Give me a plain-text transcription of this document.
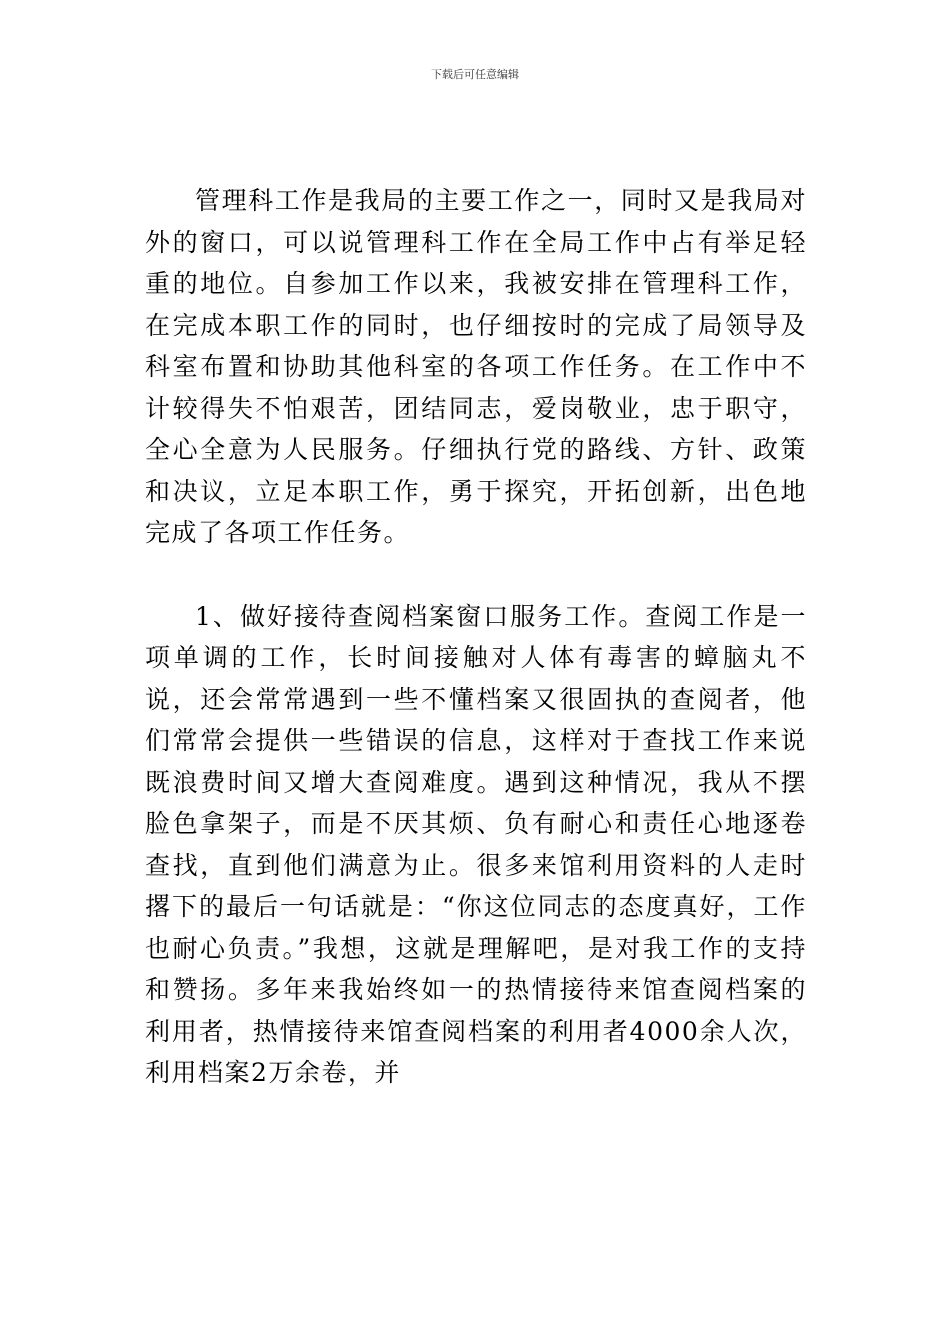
下载后可任意编辑

管理科工作是我局的主要工作之一，同时又是我局对外的窗口，可以说管理科工作在全局工作中占有举足轻重的地位。自参加工作以来，我被安排在管理科工作，在完成本职工作的同时，也仔细按时的完成了局领导及科室布置和协助其他科室的各项工作任务。在工作中不计较得失不怕艰苦，团结同志，爱岗敬业，忠于职守，全心全意为人民服务。仔细执行党的路线、方针、政策和决议，立足本职工作，勇于探究，开拓创新，出色地完成了各项工作任务。

1、做好接待查阅档案窗口服务工作。查阅工作是一项单调的工作，长时间接触对人体有毒害的蟑脑丸不说，还会常常遇到一些不懂档案又很固执的查阅者，他们常常会提供一些错误的信息，这样对于查找工作来说既浪费时间又增大查阅难度。遇到这种情况，我从不摆脸色拿架子，而是不厌其烦、负有耐心和责任心地逐卷查找，直到他们满意为止。很多来馆利用资料的人走时撂下的最后一句话就是：“你这位同志的态度真好，工作也耐心负责。”我想，这就是理解吧，是对我工作的支持和赞扬。多年来我始终如一的热情接待来馆查阅档案的利用者，热情接待来馆查阅档案的利用者4000余人次，利用档案2万余卷，并
